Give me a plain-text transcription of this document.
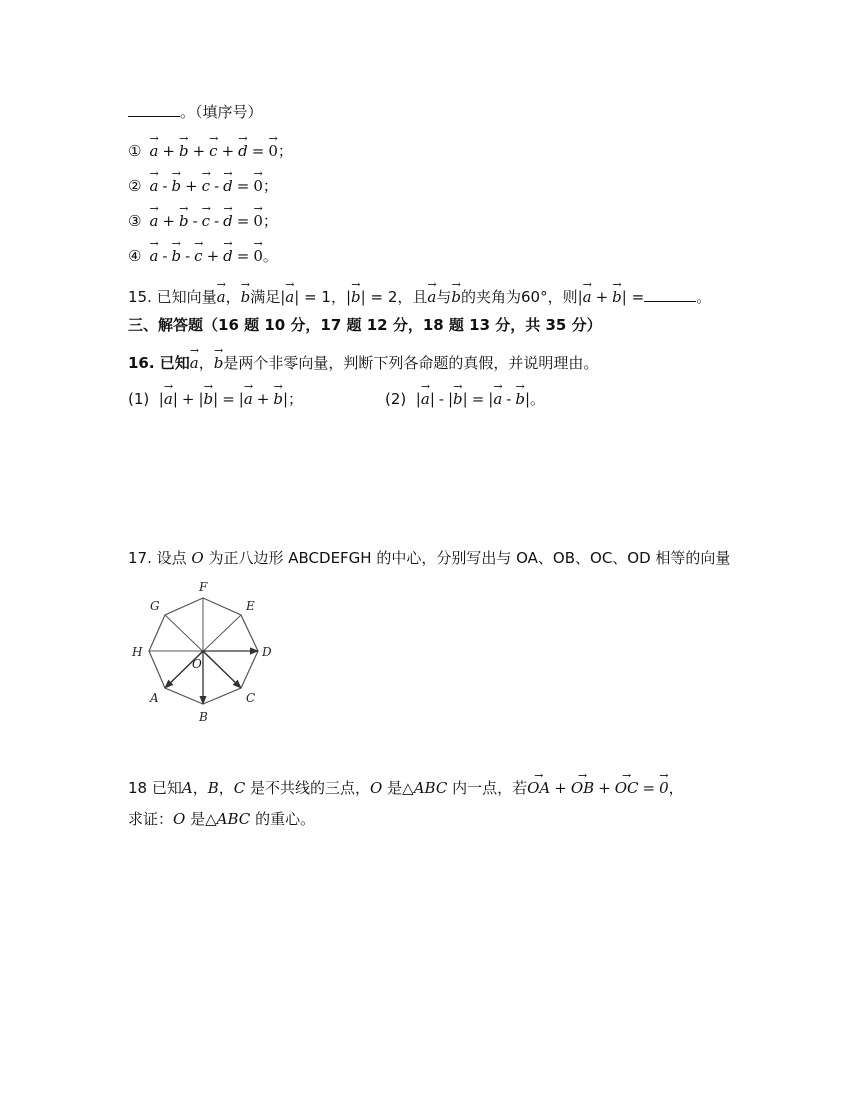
。（填序号）
① → a + → b + → c + → d = → 0；
② → a - → b + → c - → d = → 0；
③ → a + → b - → c - → d = → 0；
④ → a - → b - → c + → d = → 0。
15. 已知向量→ a，→ b满足|→ a| = 1，|→ b| = 2，且→ a与→ b的夹角为60°，则|→ a + → b| =	。
三、解答题（16 题 10 分，17 题 12 分，18 题 13 分，共 35 分）
16. 已知→ a，→ b是两个非零向量，判断下列各命题的真假，并说明理由。
(1) |→ a| + |→ b| = |→ a + → b|；	(2) |→ a| - |→ b| = |→ a - → b|。
17. 设点 O 为正八边形 ABCDEFGH 的中心，分别写出与 OA、OB、OC、OD 相等的向量
F
G	E
H	D
O
A	C
B
18 已知A，B，C 是不共线的三点，O 是△ABC 内一点，若→ OA + → OB + → OC = → 0，
求证：O 是△ABC 的重心。
